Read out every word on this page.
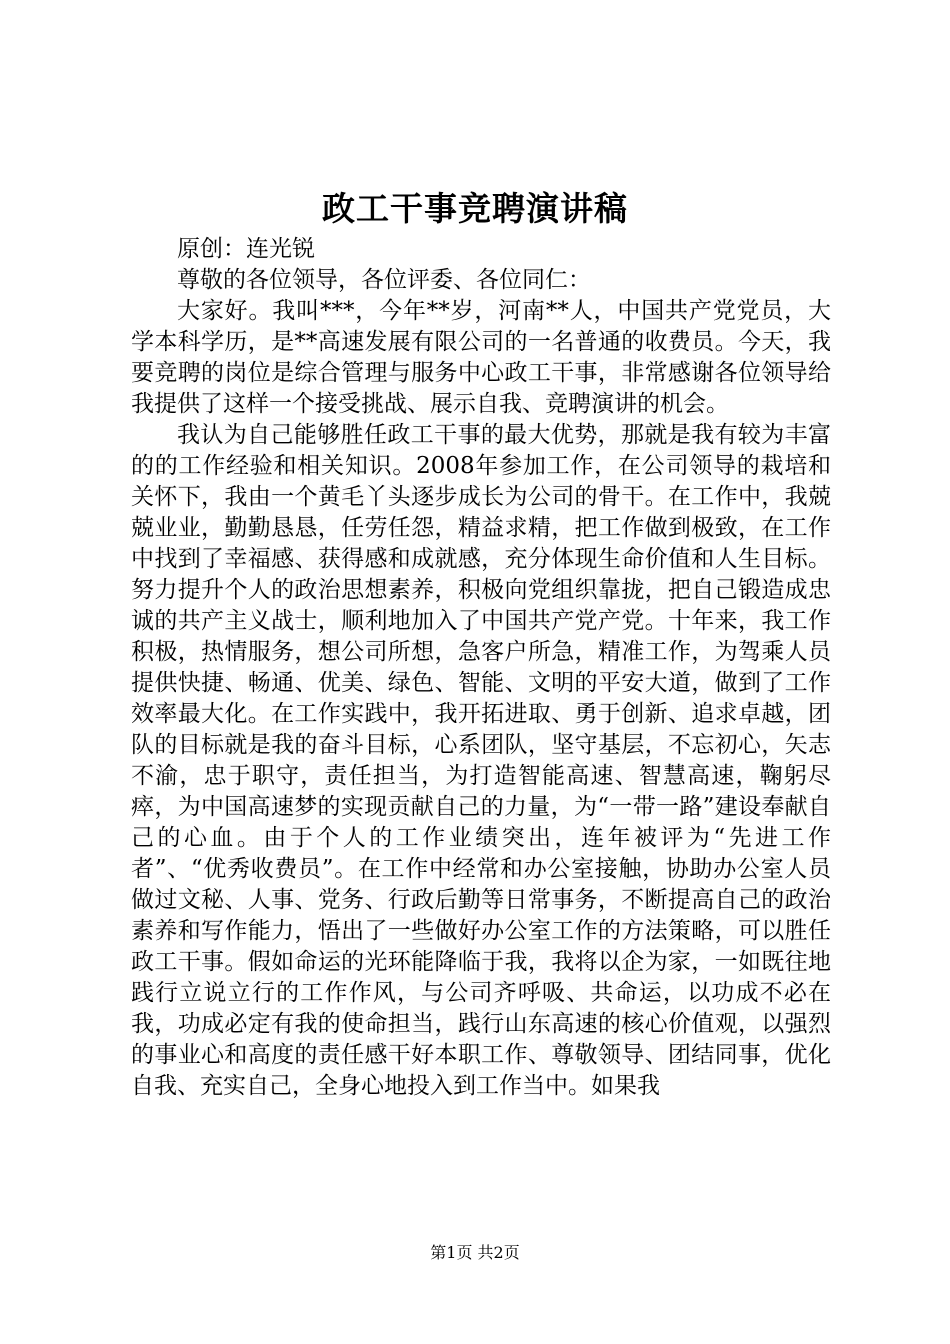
政工干事竞聘演讲稿

原创：连光锐

尊敬的各位领导，各位评委、各位同仁：

大家好。我叫***，今年**岁，河南**人，中国共产党党员，大学本科学历，是**高速发展有限公司的一名普通的收费员。今天，我要竞聘的岗位是综合管理与服务中心政工干事，非常感谢各位领导给我提供了这样一个接受挑战、展示自我、竞聘演讲的机会。

我认为自己能够胜任政工干事的最大优势，那就是我有较为丰富的的工作经验和相关知识。2008年参加工作，在公司领导的栽培和关怀下，我由一个黄毛丫头逐步成长为公司的骨干。在工作中，我兢兢业业，勤勤恳恳，任劳任怨，精益求精，把工作做到极致，在工作中找到了幸福感、获得感和成就感，充分体现生命价值和人生目标。努力提升个人的政治思想素养，积极向党组织靠拢，把自己锻造成忠诚的共产主义战士，顺利地加入了中国共产党产党。十年来，我工作积极，热情服务，想公司所想，急客户所急，精准工作，为驾乘人员提供快捷、畅通、优美、绿色、智能、文明的平安大道，做到了工作效率最大化。在工作实践中，我开拓进取、勇于创新、追求卓越，团队的目标就是我的奋斗目标，心系团队，坚守基层，不忘初心，矢志不渝，忠于职守，责任担当，为打造智能高速、智慧高速，鞠躬尽瘁，为中国高速梦的实现贡献自己的力量，为“一带一路”建设奉献自己的心血。由于个人的工作业绩突出，连年被评为“先进工作者”、“优秀收费员”。在工作中经常和办公室接触，协助办公室人员做过文秘、人事、党务、行政后勤等日常事务，不断提高自己的政治素养和写作能力，悟出了一些做好办公室工作的方法策略，可以胜任政工干事。假如命运的光环能降临于我，我将以企为家，一如既往地践行立说立行的工作作风，与公司齐呼吸、共命运，以功成不必在我，功成必定有我的使命担当，践行山东高速的核心价值观，以强烈的事业心和高度的责任感干好本职工作、尊敬领导、团结同事，优化自我、充实自己，全身心地投入到工作当中。如果我

第1页 共2页
